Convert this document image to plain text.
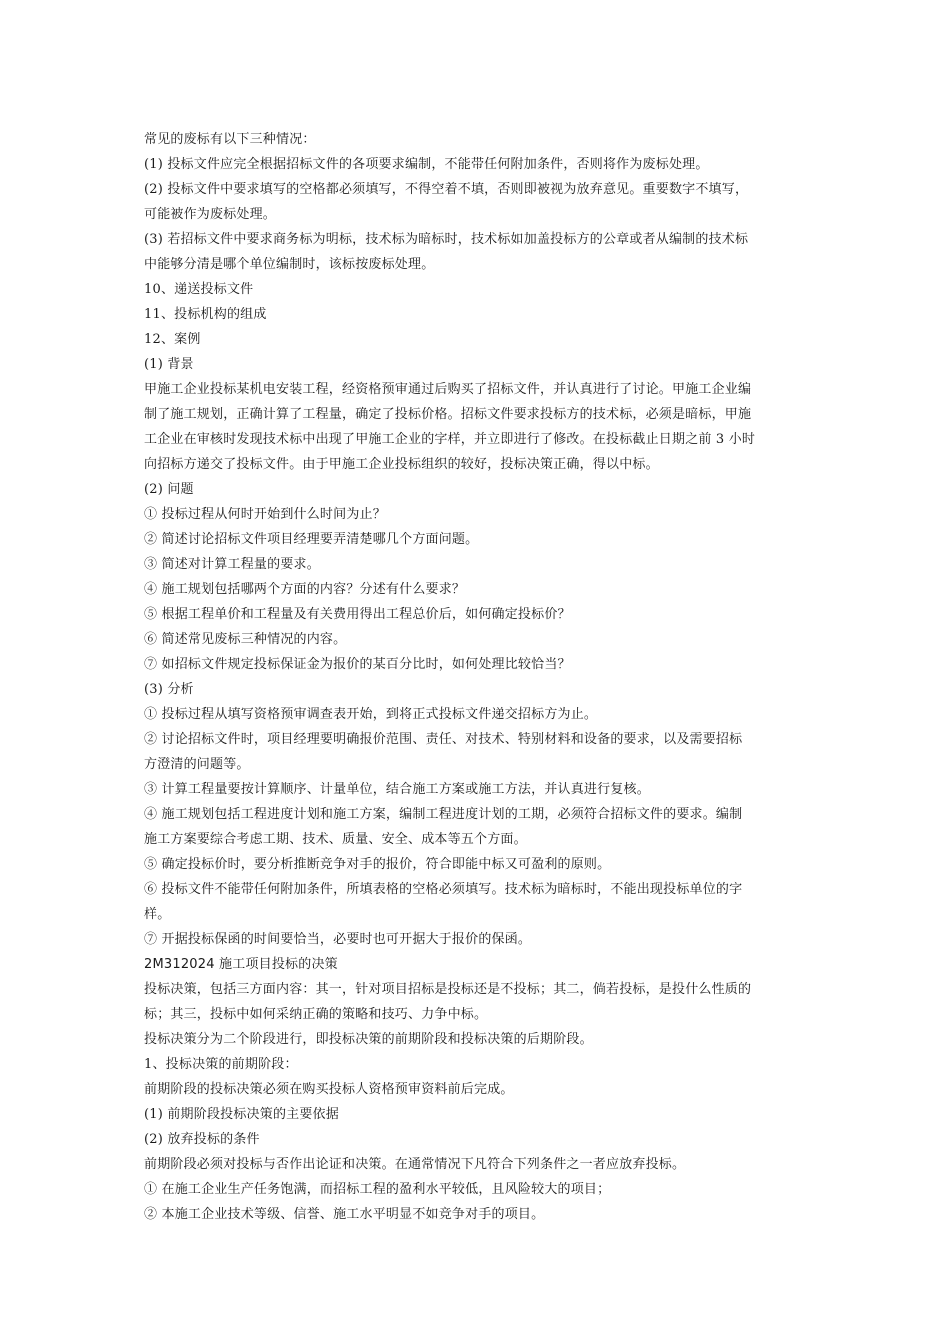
常见的废标有以下三种情况：
(1) 投标文件应完全根据招标文件的各项要求编制，不能带任何附加条件，否则将作为废标处理。
(2) 投标文件中要求填写的空格都必须填写，不得空着不填，否则即被视为放弃意见。重要数字不填写，
可能被作为废标处理。
(3) 若招标文件中要求商务标为明标，技术标为暗标时，技术标如加盖投标方的公章或者从编制的技术标
中能够分清是哪个单位编制时，该标按废标处理。
10、递送投标文件
11、投标机构的组成
12、案例
(1) 背景
甲施工企业投标某机电安装工程，经资格预审通过后购买了招标文件，并认真进行了讨论。甲施工企业编
制了施工规划，正确计算了工程量，确定了投标价格。招标文件要求投标方的技术标，必须是暗标，甲施
工企业在审核时发现技术标中出现了甲施工企业的字样，并立即进行了修改。在投标截止日期之前 3 小时
向招标方递交了投标文件。由于甲施工企业投标组织的较好，投标决策正确，得以中标。
(2) 问题
① 投标过程从何时开始到什么时间为止？
② 简述讨论招标文件项目经理要弄清楚哪几个方面问题。
③ 简述对计算工程量的要求。
④ 施工规划包括哪两个方面的内容？分述有什么要求？
⑤ 根据工程单价和工程量及有关费用得出工程总价后，如何确定投标价？
⑥ 简述常见废标三种情况的内容。
⑦ 如招标文件规定投标保证金为报价的某百分比时，如何处理比较恰当？
(3) 分析
① 投标过程从填写资格预审调查表开始，到将正式投标文件递交招标方为止。
② 讨论招标文件时，项目经理要明确报价范围、责任、对技术、特别材料和设备的要求，以及需要招标
方澄清的问题等。
③ 计算工程量要按计算顺序、计量单位，结合施工方案或施工方法，并认真进行复核。
④ 施工规划包括工程进度计划和施工方案，编制工程进度计划的工期，必须符合招标文件的要求。编制
施工方案要综合考虑工期、技术、质量、安全、成本等五个方面。
⑤ 确定投标价时，要分析推断竞争对手的报价，符合即能中标又可盈利的原则。
⑥ 投标文件不能带任何附加条件，所填表格的空格必须填写。技术标为暗标时，不能出现投标单位的字
样。
⑦ 开据投标保函的时间要恰当，必要时也可开据大于报价的保函。
2M312024 施工项目投标的决策
投标决策，包括三方面内容：其一，针对项目招标是投标还是不投标；其二，倘若投标，是投什么性质的
标；其三，投标中如何采纳正确的策略和技巧、力争中标。
投标决策分为二个阶段进行，即投标决策的前期阶段和投标决策的后期阶段。
1、投标决策的前期阶段：
前期阶段的投标决策必须在购买投标人资格预审资料前后完成。
(1) 前期阶段投标决策的主要依据
(2) 放弃投标的条件
前期阶段必须对投标与否作出论证和决策。在通常情况下凡符合下列条件之一者应放弃投标。
① 在施工企业生产任务饱满，而招标工程的盈利水平较低，且风险较大的项目；
② 本施工企业技术等级、信誉、施工水平明显不如竞争对手的项目。
